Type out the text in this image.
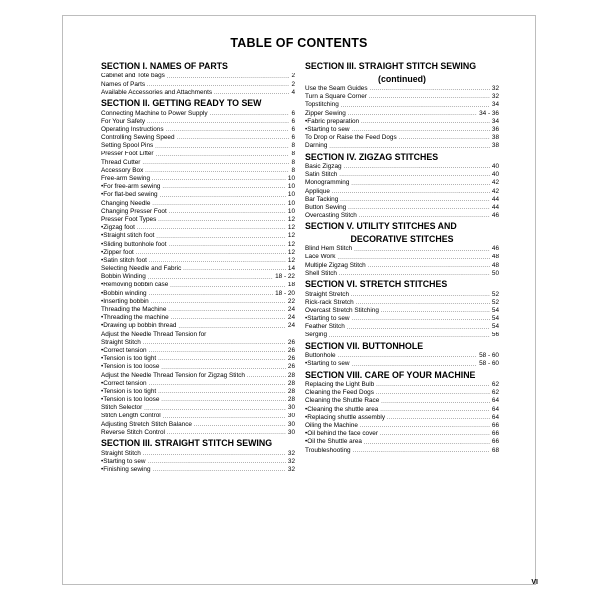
TABLE OF CONTENTS
SECTION I. NAMES OF PARTS
Cabinet and Tote bags .....	2
Names of Parts .....	2
Available Accessories and Attachments .....	4
SECTION II. GETTING READY TO SEW
Connecting Machine to Power Supply .....	6
For Your Safety .....	6
Operating Instructions .....	6
Controlling Sewing Speed .....	6
Setting Spool Pins .....	8
Presser Foot Lifter .....	8
Thread Cutter .....	8
Accessory Box .....	8
Free-arm Sewing .....	10
• For free-arm sewing .....	10
• For flat-bed sewing .....	10
Changing Needle .....	10
Changing Presser Foot .....	10
Presser Foot Types .....	12
• Zigzag foot .....	12
• Straight stitch foot .....	12
• Sliding buttonhole foot .....	12
• Zipper foot .....	12
• Satin stitch foot .....	12
Selecting Needle and Fabric .....	14
Bobbin Winding .....	18 - 22
• Removing bobbin case .....	18
• Bobbin winding .....	18 - 20
• Inserting bobbin .....	22
Threading the Machine .....	24
• Threading the machine .....	24
• Drawing up bobbin thread .....	24
Adjust the Needle Thread Tension for
Straight Stitch .....	26
• Correct tension .....	26
• Tension is too tight .....	26
• Tension is too loose .....	26
Adjust the Needle Thread Tension for Zigzag Stitch .....	28
• Correct tension .....	28
• Tension is too tight .....	28
• Tension is too loose .....	28
Stitch Selector .....	30
Stitch Length Control .....	30
Adjusting Stretch Stitch Balance .....	30
Reverse Stitch Control .....	30
SECTION III. STRAIGHT STITCH SEWING
Straight Stitch .....	32
• Starting to sew .....	32
• Finishing sewing .....	32
SECTION III. STRAIGHT STITCH SEWING
(continued)
Use the Seam Guides .....	32
Turn a Square Corner .....	32
Topstitching .....	34
Zipper Sewing .....	34 - 36
• Fabric preparation .....	34
• Starting to sew .....	36
To Drop or Raise the Feed Dogs .....	38
Darning .....	38
SECTION IV. ZIGZAG STITCHES
Basic Zigzag .....	40
Satin Stitch .....	40
Monogramming .....	42
Applique .....	42
Bar Tacking .....	44
Button Sewing .....	44
Overcasting Stitch .....	46
SECTION V. UTILITY STITCHES AND
DECORATIVE STITCHES
Blind Hem Stitch .....	46
Lace Work .....	48
Multiple Zigzag Stitch .....	48
Shell Stitch .....	50
SECTION VI. STRETCH STITCHES
Straight Stretch .....	52
Rick-rack Stretch .....	52
Overcast Stretch Stitching .....	54
• Starting to sew .....	54
Feather Stitch .....	54
Serging .....	56
SECTION VII. BUTTONHOLE
Buttonhole .....	58 - 60
• Starting to sew .....	58 - 60
SECTION VIII. CARE OF YOUR MACHINE
Replacing the Light Bulb .....	62
Cleaning the Feed Dogs .....	62
Cleaning the Shuttle Race .....	64
• Cleaning the shuttle area .....	64
• Replacing shuttle assembly .....	64
Oiling the Machine .....	66
• Oil behind the face cover .....	66
• Oil the Shuttle area .....	66
Troubleshooting .....	68
VI
